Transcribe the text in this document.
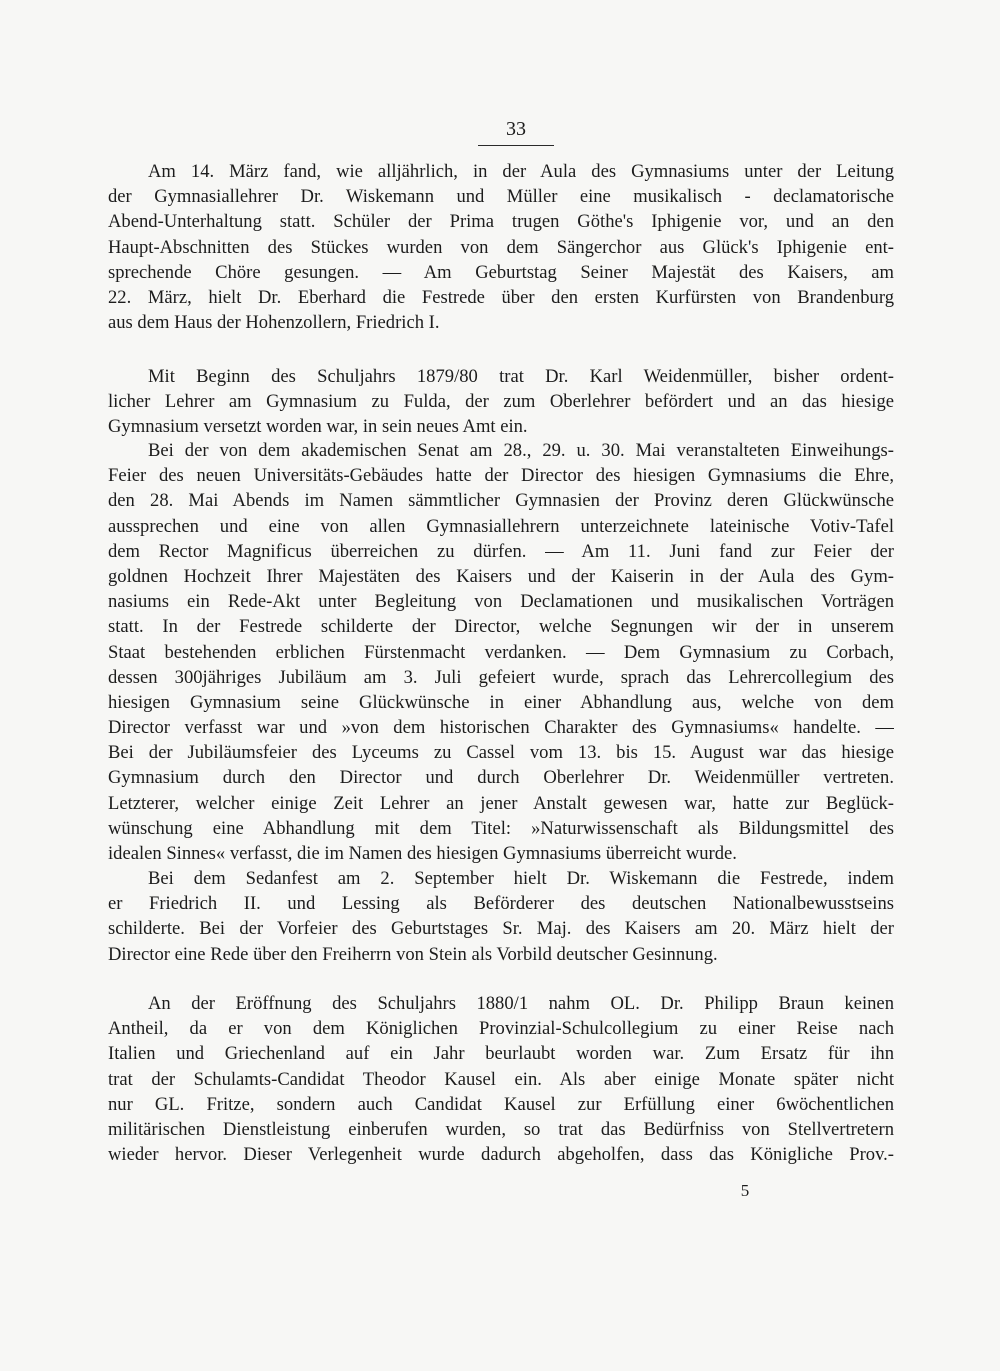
33
Am 14. März fand, wie alljährlich, in der Aula des Gymnasiums unter der Leitung
der Gymnasiallehrer Dr. Wiskemann und Müller eine musikalisch - declamatorische
Abend-Unterhaltung statt. Schüler der Prima trugen Göthe's Iphigenie vor, und an den
Haupt-Abschnitten des Stückes wurden von dem Sängerchor aus Glück's Iphigenie ent-
sprechende Chöre gesungen. — Am Geburtstag Seiner Majestät des Kaisers, am
22. März, hielt Dr. Eberhard die Festrede über den ersten Kurfürsten von Brandenburg
aus dem Haus der Hohenzollern, Friedrich I.
Mit Beginn des Schuljahrs 1879/80 trat Dr. Karl Weidenmüller, bisher ordent-
licher Lehrer am Gymnasium zu Fulda, der zum Oberlehrer befördert und an das hiesige
Gymnasium versetzt worden war, in sein neues Amt ein.
Bei der von dem akademischen Senat am 28., 29. u. 30. Mai veranstalteten Einweihungs-
Feier des neuen Universitäts-Gebäudes hatte der Director des hiesigen Gymnasiums die Ehre,
den 28. Mai Abends im Namen sämmtlicher Gymnasien der Provinz deren Glückwünsche
aussprechen und eine von allen Gymnasiallehrern unterzeichnete lateinische Votiv-Tafel
dem Rector Magnificus überreichen zu dürfen. — Am 11. Juni fand zur Feier der
goldnen Hochzeit Ihrer Majestäten des Kaisers und der Kaiserin in der Aula des Gym-
nasiums ein Rede-Akt unter Begleitung von Declamationen und musikalischen Vorträgen
statt. In der Festrede schilderte der Director, welche Segnungen wir der in unserem
Staat bestehenden erblichen Fürstenmacht verdanken. — Dem Gymnasium zu Corbach,
dessen 300jähriges Jubiläum am 3. Juli gefeiert wurde, sprach das Lehrercollegium des
hiesigen Gymnasium seine Glückwünsche in einer Abhandlung aus, welche von dem
Director verfasst war und »von dem historischen Charakter des Gymnasiums« handelte. —
Bei der Jubiläumsfeier des Lyceums zu Cassel vom 13. bis 15. August war das hiesige
Gymnasium durch den Director und durch Oberlehrer Dr. Weidenmüller vertreten.
Letzterer, welcher einige Zeit Lehrer an jener Anstalt gewesen war, hatte zur Beglück-
wünschung eine Abhandlung mit dem Titel: »Naturwissenschaft als Bildungsmittel des
idealen Sinnes« verfasst, die im Namen des hiesigen Gymnasiums überreicht wurde.
Bei dem Sedanfest am 2. September hielt Dr. Wiskemann die Festrede, indem
er Friedrich II. und Lessing als Beförderer des deutschen Nationalbewusstseins
schilderte. Bei der Vorfeier des Geburtstages Sr. Maj. des Kaisers am 20. März hielt der
Director eine Rede über den Freiherrn von Stein als Vorbild deutscher Gesinnung.
An der Eröffnung des Schuljahrs 1880/1 nahm OL. Dr. Philipp Braun keinen
Antheil, da er von dem Königlichen Provinzial-Schulcollegium zu einer Reise nach
Italien und Griechenland auf ein Jahr beurlaubt worden war. Zum Ersatz für ihn
trat der Schulamts-Candidat Theodor Kausel ein. Als aber einige Monate später nicht
nur GL. Fritze, sondern auch Candidat Kausel zur Erfüllung einer 6wöchentlichen
militärischen Dienstleistung einberufen wurden, so trat das Bedürfniss von Stellvertretern
wieder hervor. Dieser Verlegenheit wurde dadurch abgeholfen, dass das Königliche Prov.-
5
